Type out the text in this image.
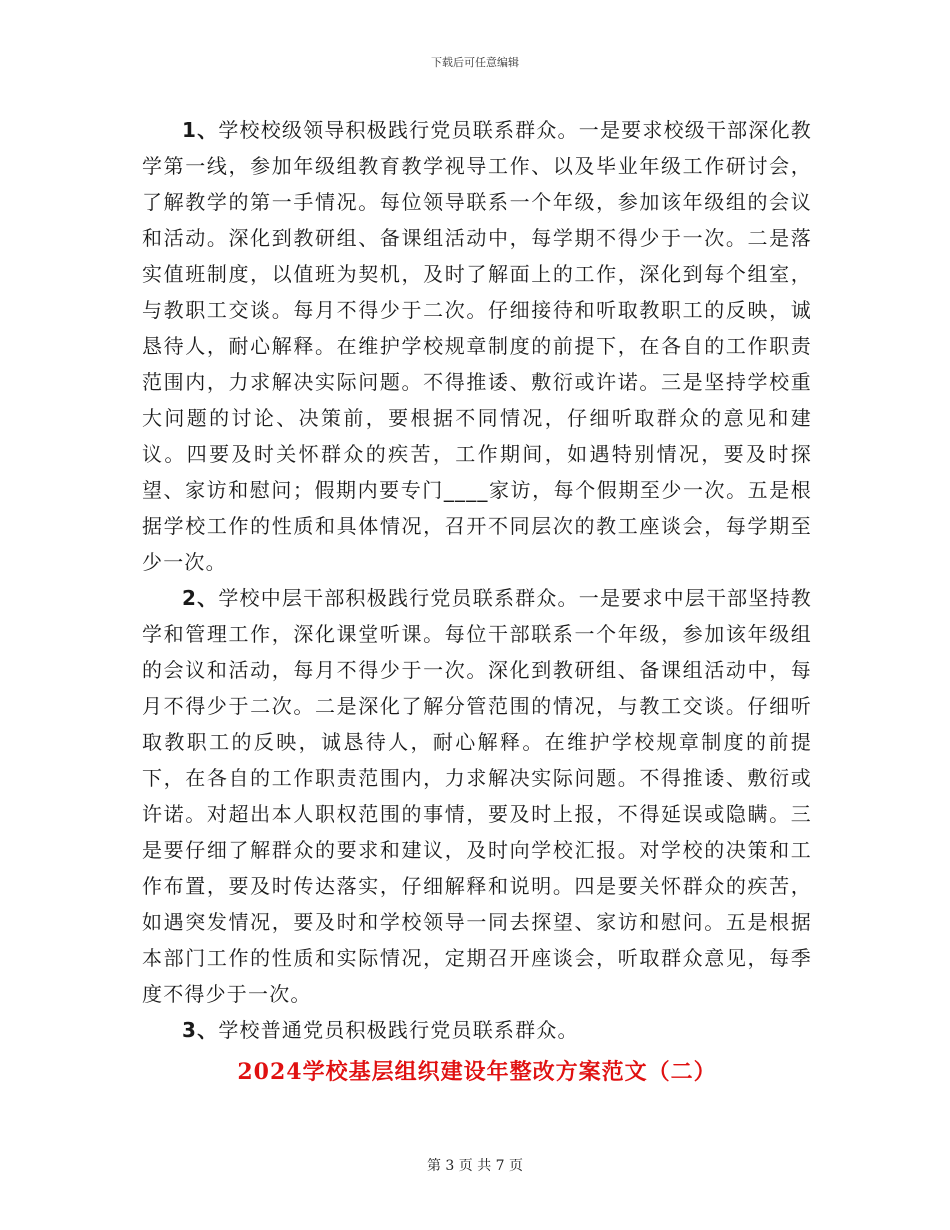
下载后可任意编辑

1、学校校级领导积极践行党员联系群众。一是要求校级干部深化教学第一线，参加年级组教育教学视导工作、以及毕业年级工作研讨会，了解教学的第一手情况。每位领导联系一个年级，参加该年级组的会议和活动。深化到教研组、备课组活动中，每学期不得少于一次。二是落实值班制度，以值班为契机，及时了解面上的工作，深化到每个组室，与教职工交谈。每月不得少于二次。仔细接待和听取教职工的反映，诚恳待人，耐心解释。在维护学校规章制度的前提下，在各自的工作职责范围内，力求解决实际问题。不得推诿、敷衍或许诺。三是坚持学校重大问题的讨论、决策前，要根据不同情况，仔细听取群众的意见和建议。四要及时关怀群众的疾苦，工作期间，如遇特别情况，要及时探望、家访和慰问；假期内要专门____家访，每个假期至少一次。五是根据学校工作的性质和具体情况，召开不同层次的教工座谈会，每学期至少一次。

2、学校中层干部积极践行党员联系群众。一是要求中层干部坚持教学和管理工作，深化课堂听课。每位干部联系一个年级，参加该年级组的会议和活动，每月不得少于一次。深化到教研组、备课组活动中，每月不得少于二次。二是深化了解分管范围的情况，与教工交谈。仔细听取教职工的反映，诚恳待人，耐心解释。在维护学校规章制度的前提下，在各自的工作职责范围内，力求解决实际问题。不得推诿、敷衍或许诺。对超出本人职权范围的事情，要及时上报，不得延误或隐瞒。三是要仔细了解群众的要求和建议，及时向学校汇报。对学校的决策和工作布置，要及时传达落实，仔细解释和说明。四是要关怀群众的疾苦，如遇突发情况，要及时和学校领导一同去探望、家访和慰问。五是根据本部门工作的性质和实际情况，定期召开座谈会，听取群众意见，每季度不得少于一次。

3、学校普通党员积极践行党员联系群众。

2024学校基层组织建设年整改方案范文（二）
第 3 页 共 7 页
